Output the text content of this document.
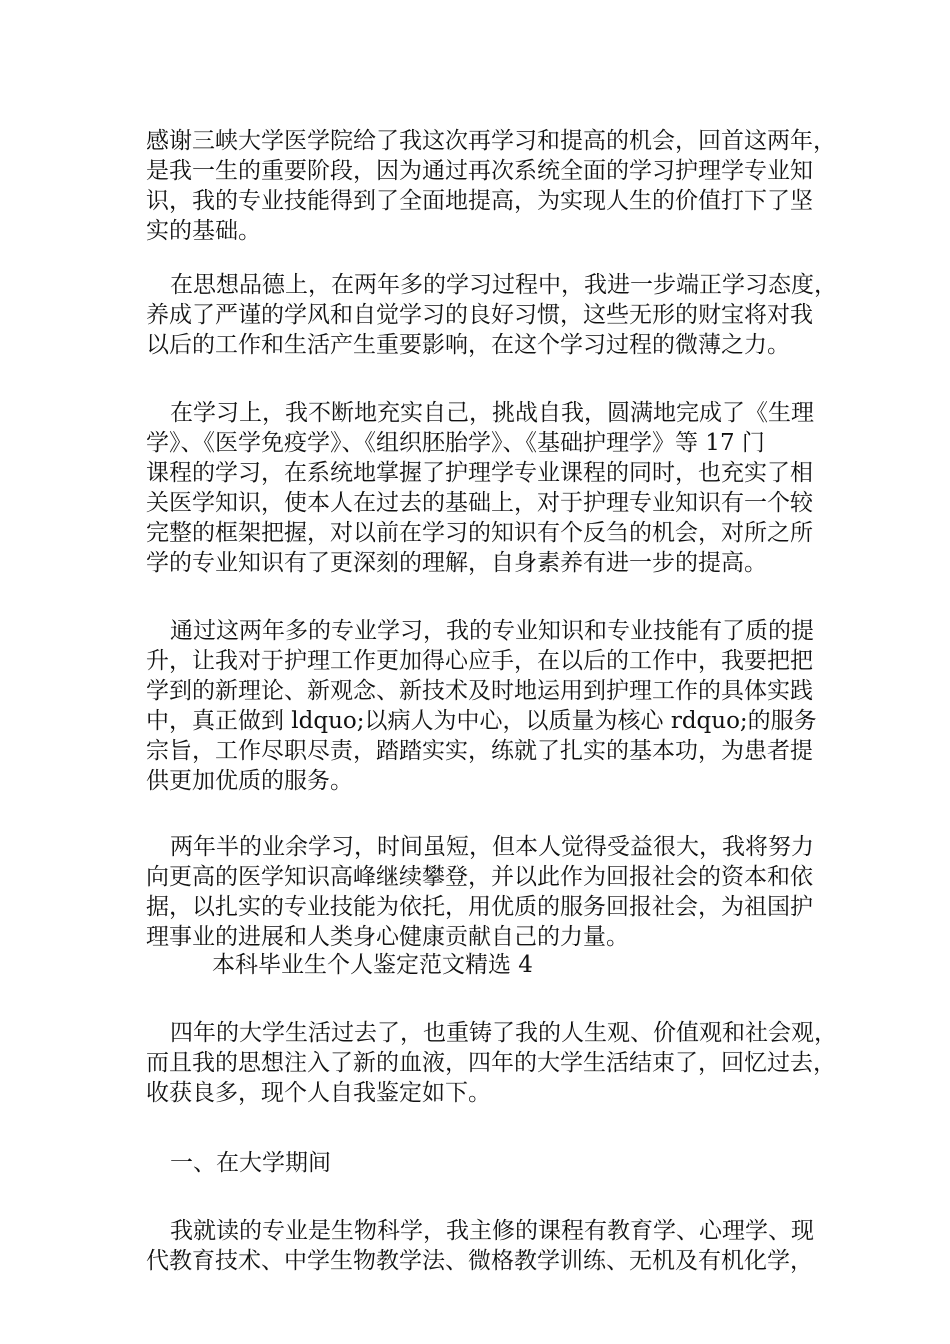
感谢三峡大学医学院给了我这次再学习和提高的机会，回首这两年，
是我一生的重要阶段，因为通过再次系统全面的学习护理学专业知
识，我的专业技能得到了全面地提高，为实现人生的价值打下了坚
实的基础。
在思想品德上，在两年多的学习过程中，我进一步端正学习态度，
养成了严谨的学风和自觉学习的良好习惯，这些无形的财宝将对我
以后的工作和生活产生重要影响，在这个学习过程的微薄之力。
在学习上，我不断地充实自己，挑战自我，圆满地完成了《生理
学》、《医学免疫学》、《组织胚胎学》、《基础护理学》等 17 门
课程的学习，在系统地掌握了护理学专业课程的同时，也充实了相
关医学知识，使本人在过去的基础上，对于护理专业知识有一个较
完整的框架把握，对以前在学习的知识有个反刍的机会，对所之所
学的专业知识有了更深刻的理解，自身素养有进一步的提高。
通过这两年多的专业学习，我的专业知识和专业技能有了质的提
升，让我对于护理工作更加得心应手，在以后的工作中，我要把把
学到的新理论、新观念、新技术及时地运用到护理工作的具体实践
中，真正做到 ldquo;以病人为中心，以质量为核心 rdquo;的服务
宗旨，工作尽职尽责，踏踏实实，练就了扎实的基本功，为患者提
供更加优质的服务。
两年半的业余学习，时间虽短，但本人觉得受益很大，我将努力
向更高的医学知识高峰继续攀登，并以此作为回报社会的资本和依
据，以扎实的专业技能为依托，用优质的服务回报社会，为祖国护
理事业的进展和人类身心健康贡献自己的力量。
本科毕业生个人鉴定范文精选 4
四年的大学生活过去了，也重铸了我的人生观、价值观和社会观，
而且我的思想注入了新的血液，四年的大学生活结束了，回忆过去，
收获良多，现个人自我鉴定如下。
一、在大学期间
我就读的专业是生物科学，我主修的课程有教育学、心理学、现
代教育技术、中学生物教学法、微格教学训练、无机及有机化学，
